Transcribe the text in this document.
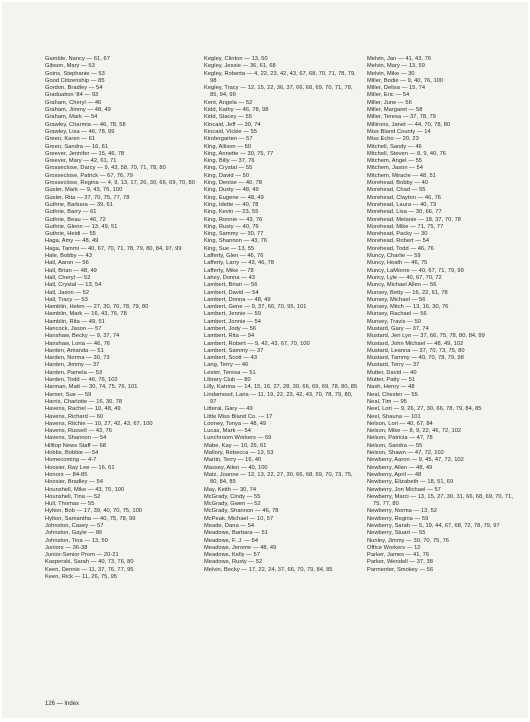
Gamble, Nancy — 61, 67
Gibson, Mary — 53
Goins, Stephanie — 53
Good Citizenship — 85
Gordon, Bradley — 54
Graduation '84 — 93
Graham, Cheryl — 46
Graham, Jimmy — 48, 49
Graham, Mark — 54
Grawley, Charmia — 46, 78, 58
Grawley, Lisa — 46, 78, 99
Green, Karen — 61
Green, Sandra — 16, 61
Greever, Jennifer — 15, 46, 78
Greever, Mary — 42, 61, 71
Grosseclose, Darcy — 9, 43, 58, 70, 71, 78, 80
Grosseclose, Patrick — 67, 76, 79
Grosseclose, Regina — 4, 9, 13, 17, 26, 30, 66, 69, 70, 80
Gusler, Mark — 9, 43, 76, 100
Gusler, Rita — 37, 70, 75, 77, 78
Guthrie, Barbara — 39, 61
Guthrie, Barry — 61
Guthrie, Beau — 46, 72
Guthrie, Glenn — 13, 49, 51
Guthrie, Heidi — 55
Haga, Amy — 48, 49
Haga, Tammi — 40, 67, 70, 71, 78, 79, 80, 84, 97, 99
Hale, Bobby — 43
Hall, Aaron — 56
Hall, Brian — 48, 49
Hall, Cheryl — 52
Hall, Crystal — 13, 54
Hall, Jason — 52
Hall, Tracy — 53
Hamblin, Helen — 27, 30, 70, 78, 79, 80
Hamblin, Mark — 16, 43, 76, 78
Hamblin, Rita — 49, 51
Hancock, Jason — 57
Hanshaw, Becky — 9, 37, 74
Hanshaw, Loria — 46, 76
Harden, Amanda — 51
Harden, Norma — 30, 73
Harden, Jimmy — 37
Harden, Pamela — 53
Harden, Todd — 46, 76, 102
Harman, Matt — 30, 74, 75, 76, 101
Harner, Sue — 59
Harris, Charlotte — 16, 30, 78
Havens, Rachel — 10, 48, 49
Havens, Richard — 60
Havens, Ritchie — 10, 27, 42, 43, 67, 100
Havens, Russell — 43, 76
Havens, Shannon — 54
Hilltop News Staff — 68
Hobbs, Bobbie — 54
Homecoming — 4-7
Hoosier, Ray Lee — 16, 61
Honors — 84-85
Hoosier, Bradley — 54
Hounshell, Mike — 43, 70, 100
Hounshell, Tina — 52
Hull, Thomas — 55
Hylton, Bob — 17, 39, 40, 70, 75, 100
Hylton, Samantha — 40, 75, 78, 99
Johnston, Casey — 57
Johnston, Gayle — 86
Johnston, Tina — 13, 50
Juniors — 36-38
Junior-Senior Prom — 20-21
Kasperski, Sarah — 40, 73, 76, 80
Keen, Dennis — 11, 37, 76, 77, 95
Keen, Rick — 11, 26, 75, 95
Kegley, Clinton — 13, 50
Kegley, Jessie — 36, 61, 68
Kegley, Roberta — 4, 22, 23, 42, 43, 67, 68, 70, 71, 78, 79, 98
Kegley, Tracy — 12, 15, 22, 36, 37, 66, 68, 69, 70, 71, 78, 85, 94, 99
Kent, Angela — 52
Kidd, Kathy — 46, 78, 98
Kidd, Stacey — 55
Kincaid, Jeff — 30, 74
Kincaid, Vickie — 55
Kindergarten — 57
King, Allison — 50
King, Annette — 30, 75, 77
King, Billy — 37, 76
King, Crystal — 55
King, David — 50
King, Denise — 40, 78
King, Dusty — 48, 49
King, Eugene — 48, 49
King, Idette — 40, 78
King, Kevin — 23, 55
King, Ronnie — 43, 76
King, Rusty — 40, 76
King, Sammy — 30, 77
King, Shannon — 43, 76
King, Sue — 13, 55
Lafferty, Glen — 46, 76
Lafferty, Larry — 43, 46, 78
Lafferty, Mike — 78
Lahey, Donna — 43
Lambert, Brian — 56
Lambert, David — 54
Lambert, Donna — 48, 49
Lambert, Gene — 9, 37, 66, 70, 95, 101
Lambert, Jennie — 59
Lambert, Jonnie — 54
Lambert, Jody — 56
Lambert, Rita — 94
Lambert, Robert — 9, 42, 43, 67, 70, 100
Lambert, Sammy — 37
Lambert, Scott — 43
Lang, Terry — 46
Lester, Teresa — 51
Library Club — 80
Lilly, Katrina — 14, 15, 16, 27, 28, 30, 66, 69, 69, 78, 80, 85
Lindamood, Lana — 11, 19, 22, 23, 42, 43, 70, 78, 79, 80, 97
Litteral, Gary — 49
Little Miss Bland Co. — 17
Looney, Tonya — 48, 49
Lucas, Mark — 54
Lunchroom Workers — 59
Mabe, Kay — 10, 26, 61
Mallory, Rebecca — 13, 53
Martin, Terry — 16, 40
Massey, Allen — 40, 100
Matz, Joanne — 12, 13, 22, 27, 30, 66, 68, 69, 70, 73, 75, 80, 84, 85
May, Keith — 30, 74
McGrady, Cindy — 55
McGrady, Gwen — 52
McGrady, Shannon — 46, 78
McPeak, Michael — 10, 57
Meade, Dana — 54
Meadows, Barbara — 51
Meadows, F. J. — 54
Meadows, Jerome — 48, 49
Meadows, Kelly — 57
Meadows, Rusty — 52
Melvin, Becky — 17, 22, 24, 37, 66, 70, 79, 84, 85
Melvin, Jan — 41, 43, 76
Melvin, Mary — 13, 59
Melvin, Mike — 30
Miller, Bodie — 9, 40, 76, 100
Miller, Delisa — 15, 74
Miller, Eric — 54
Miller, June — 56
Miller, Margaret — 58
Miller, Teresa — 37, 78, 79
Millirons, Janet — 44, 70, 78, 80
Miss Bland County — 14
Miss Echo — 20, 23
Mitchell, Sandy — 46
Mitchell, Steven — 8, 9, 40, 76
Mitchem, Angel — 55
Mitchem, Jason — 54
Mitchem, Miracle — 48, 51
Morehead, Bobby — 40
Morehead, Chad — 55
Morehead, Clayton — 46, 76
Morehead, Laura — 40, 73
Morehead, Lisa — 30, 66, 77
Morehead, Melanie — 18, 37, 70, 78
Morehead, Mike — 71, 75, 77
Morehead, Packy — 30
Morehead, Robert — 54
Morehead, Todd — 46, 76
Muncy, Charlie — 59
Muncy, Heath — 46, 75
Muncy, LaMoore — 40, 67, 71, 79, 99
Muncy, Lyle — 40, 67, 70, 72
Muncy, Michael Allen — 56
Munsey, Betty — 16, 22, 61, 78
Munsey, Michael — 56
Munsey, Mitch — 13, 16, 30, 76
Munsey, Rachael — 56
Munsey, Travis — 50
Mustard, Gary — 37, 74
Mustard, Jeri Lyn — 37, 66, 75, 78, 80, 84, 99
Mustard, John Michael — 48, 49, 102
Mustard, Leanna — 37, 70, 73, 75, 80
Mustard, Tammy — 40, 70, 78, 79, 98
Mustard, Terry — 37
Mutter, David — 40
Mutter, Patty — 51
Nash, Henry — 48
Neal, Chester — 55
Neal, Tim — 95
Neel, Lori — 9, 26, 27, 30, 66, 78, 79, 84, 85
Neel, Shauna — 101
Nelson, Lori — 40, 67, 84
Nelson, Mike — 8, 9, 22, 46, 72, 102
Nelson, Patricia — 47, 78
Nelson, Sandra — 55
Nelson, Shawn — 47, 72, 102
Newberry, Aaron — 9, 45, 47, 72, 102
Newberry, Allen — 48, 49
Newberry, April — 48
Newberry, Elizabeth — 18, 51, 69
Newberry, Jon Michael — 57
Newberry, Marci — 13, 15, 27, 30, 31, 66, 68, 69, 70, 71, 75, 77, 80
Newberry, Norma — 13, 52
Newberry, Regina — 59
Newberry, Sarah — 5, 19, 44, 67, 68, 72, 78, 79, 97
Newberry, Stuart — 55
Nunley, Jimmy — 30, 70, 75, 76
Office Workers — 12
Parker, James — 41, 76
Parker, Wendell — 37, 38
Parmenter, Smokey — 56
126 — Index
